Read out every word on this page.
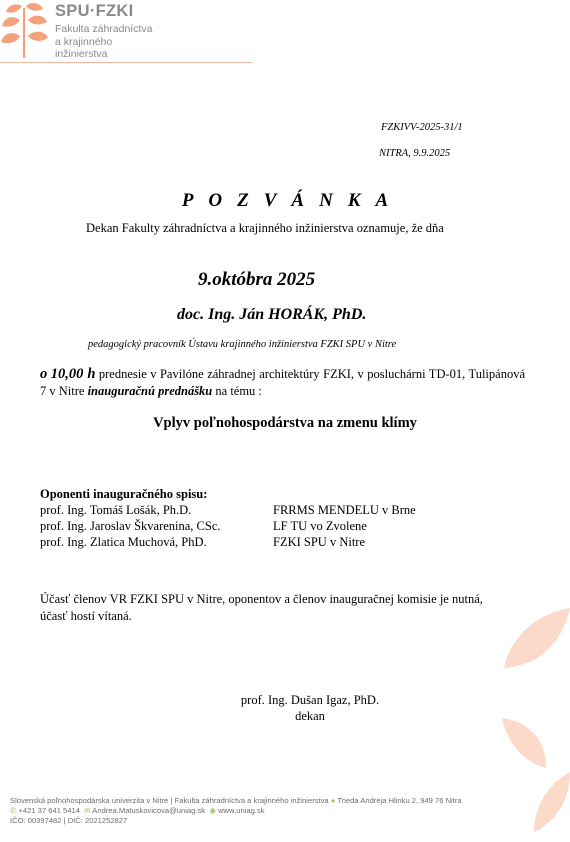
SPU·FZKI
Fakulta záhradníctva
a krajinného
inžinierstva
FZKIVV-2025-31/1
NITRA, 9.9.2025
POZVÁNKA
Dekan Fakulty záhradníctva a krajinného inžinierstva oznamuje, že dňa
9.októbra 2025
doc. Ing. Ján HORÁK, PhD.
pedagogický pracovník Ústavu krajinného inžinierstva FZKI SPU v Nitre
o 10,00 h prednesie v Pavilóne záhradnej architektúry FZKI, v posluchárni TD-01, Tulipánová 7 v Nitre inauguračnú prednášku na tému :
Vplyv poľnohospodárstva na zmenu klímy
Oponenti inauguračného spisu:
prof. Ing. Tomáš Lošák, Ph.D.	FRRMS MENDELU v Brne
prof. Ing. Jaroslav Škvarenina, CSc.	LF TU vo Zvolene
prof. Ing. Zlatica Muchová, PhD.	FZKI SPU v Nitre
Účasť členov VR FZKI SPU v Nitre, oponentov a členov inauguračnej komisie je nutná,
účasť hostí vítaná.
prof. Ing. Dušan Igaz, PhD.
dekan
Slovenská poľnohospodárska univerzita v Nitre | Fakulta záhradníctva a krajinného inžinierstva ● Trieda Andreja Hlinku 2, 949 76 Nitra
✆ +421 37 641 5414 ✉ Andrea.Matuskovicova@uniag.sk ◉ www.uniag.sk
IČO: 00397482 | DIČ: 2021252827
